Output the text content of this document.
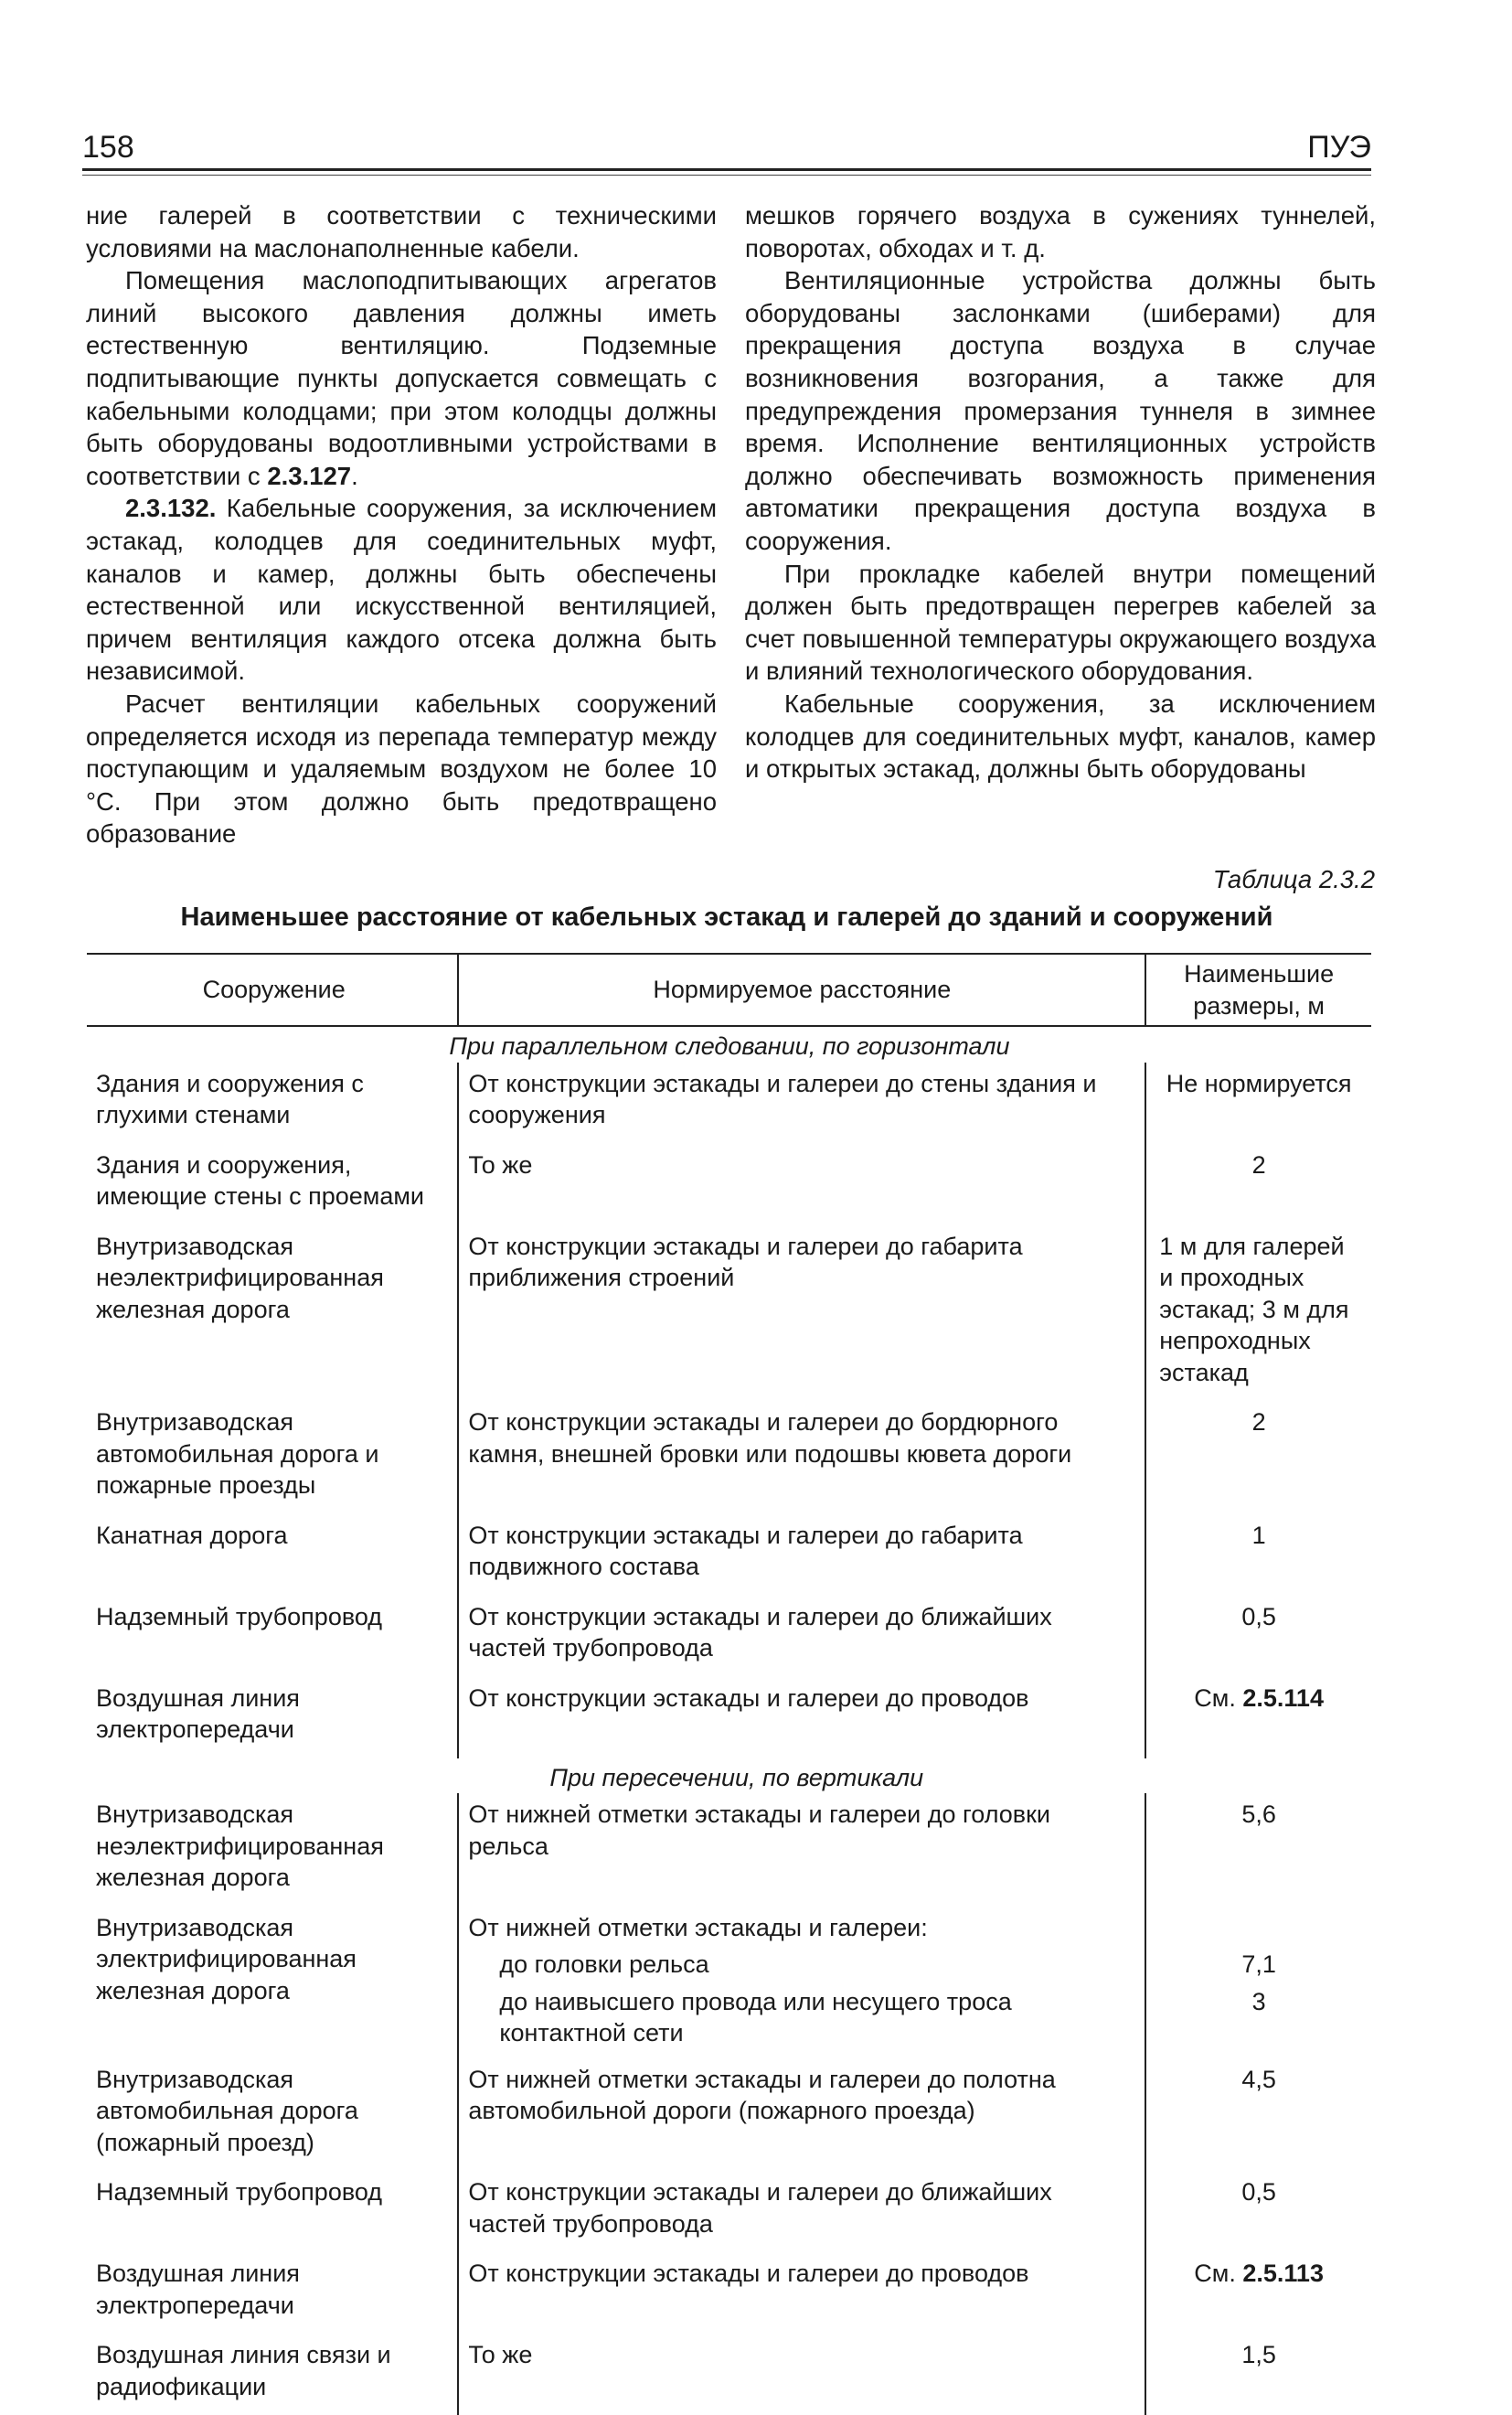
158	ПУЭ

ние галерей в соответствии с техническими условиями на маслонаполненные кабели.

Помещения маслоподпитывающих агрегатов линий высокого давления должны иметь естественную вентиляцию. Подземные подпитывающие пункты допускается совмещать с кабельными колодцами; при этом колодцы должны быть оборудованы водоотливными устройствами в соответствии с 2.3.127.

2.3.132. Кабельные сооружения, за исключением эстакад, колодцев для соединительных муфт, каналов и камер, должны быть обеспечены естественной или искусственной вентиляцией, причем вентиляция каждого отсека должна быть независимой.

Расчет вентиляции кабельных сооружений определяется исходя из перепада температур между поступающим и удаляемым воздухом не более 10 °С. При этом должно быть предотвращено образование

мешков горячего воздуха в сужениях туннелей, поворотах, обходах и т. д.

Вентиляционные устройства должны быть оборудованы заслонками (шиберами) для прекращения доступа воздуха в случае возникновения возгорания, а также для предупреждения промерзания туннеля в зимнее время. Исполнение вентиляционных устройств должно обеспечивать возможность применения автоматики прекращения доступа воздуха в сооружения.

При прокладке кабелей внутри помещений должен быть предотвращен перегрев кабелей за счет повышенной температуры окружающего воздуха и влияний технологического оборудования.

Кабельные сооружения, за исключением колодцев для соединительных муфт, каналов, камер и открытых эстакад, должны быть оборудованы

Таблица 2.3.2
Наименьшее расстояние от кабельных эстакад и галерей до зданий и сооружений
Сооружение	Нормируемое расстояние	Наименьшие размеры, м
	При параллельном следовании, по горизонтали	
Здания и сооружения с глухими стенами	От конструкции эстакады и галереи до стены здания и сооружения	Не нормируется
Здания и сооружения, имеющие стены с проемами	То же	2
Внутризаводская неэлектрифицированная железная дорога	От конструкции эстакады и галереи до габарита приближения строений	1 м для галерей и проходных эстакад; 3 м для непроходных эстакад
Внутризаводская автомобильная дорога и пожарные проезды	От конструкции эстакады и галереи до бордюрного камня, внешней бровки или подошвы кювета дороги	2
Канатная дорога	От конструкции эстакады и галереи до габарита подвижного состава	1
Надземный трубопровод	От конструкции эстакады и галереи до ближайших частей трубопровода	0,5
Воздушная линия электропередачи	От конструкции эстакады и галереи до проводов	См. 2.5.114
	При пересечении, по вертикали	
Внутризаводская неэлектрифицированная железная дорога	От нижней отметки эстакады и галереи до головки рельса	5,6
Внутризаводская электрифицированная железная дорога	От нижней отметки эстакады и галереи:	
	до головки рельса	7,1
	до наивысшего провода или несущего троса контактной сети	3
Внутризаводская автомобильная дорога (пожарный проезд)	От нижней отметки эстакады и галереи до полотна автомобильной дороги (пожарного проезда)	4,5
Надземный трубопровод	От конструкции эстакады и галереи до ближайших частей трубопровода	0,5
Воздушная линия электропередачи	От конструкции эстакады и галереи до проводов	См. 2.5.113
Воздушная линия связи и радиофикации	То же	1,5
